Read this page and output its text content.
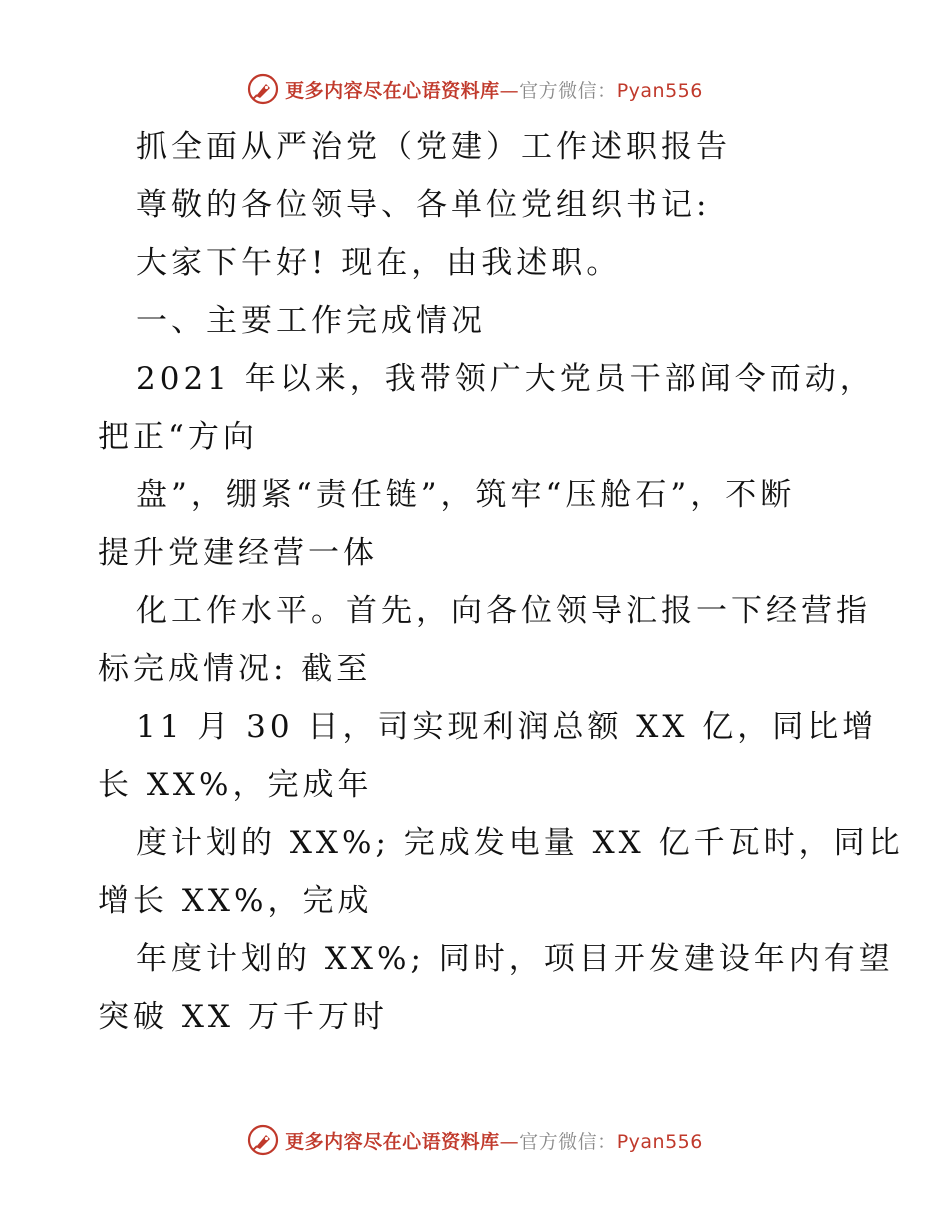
更多内容尽在心语资料库—官方微信：Pyan556
抓全面从严治党（党建）工作述职报告
尊敬的各位领导、各单位党组织书记:
大家下午好! 现在，由我述职。
一、主要工作完成情况
2021 年以来，我带领广大党员干部闻令而动，
把正“方向
盘”，绷紧“责任链”，筑牢“压舱石”，不断
提升党建经营一体
化工作水平。首先，向各位领导汇报一下经营指
标完成情况: 截至
11 月 30 日，司实现利润总额 XX 亿，同比增
长 XX%，完成年
度计划的 XX%; 完成发电量 XX 亿千瓦时，同比
增长 XX%，完成
年度计划的 XX%; 同时，项目开发建设年内有望
突破 XX 万千万时
更多内容尽在心语资料库—官方微信：Pyan556
